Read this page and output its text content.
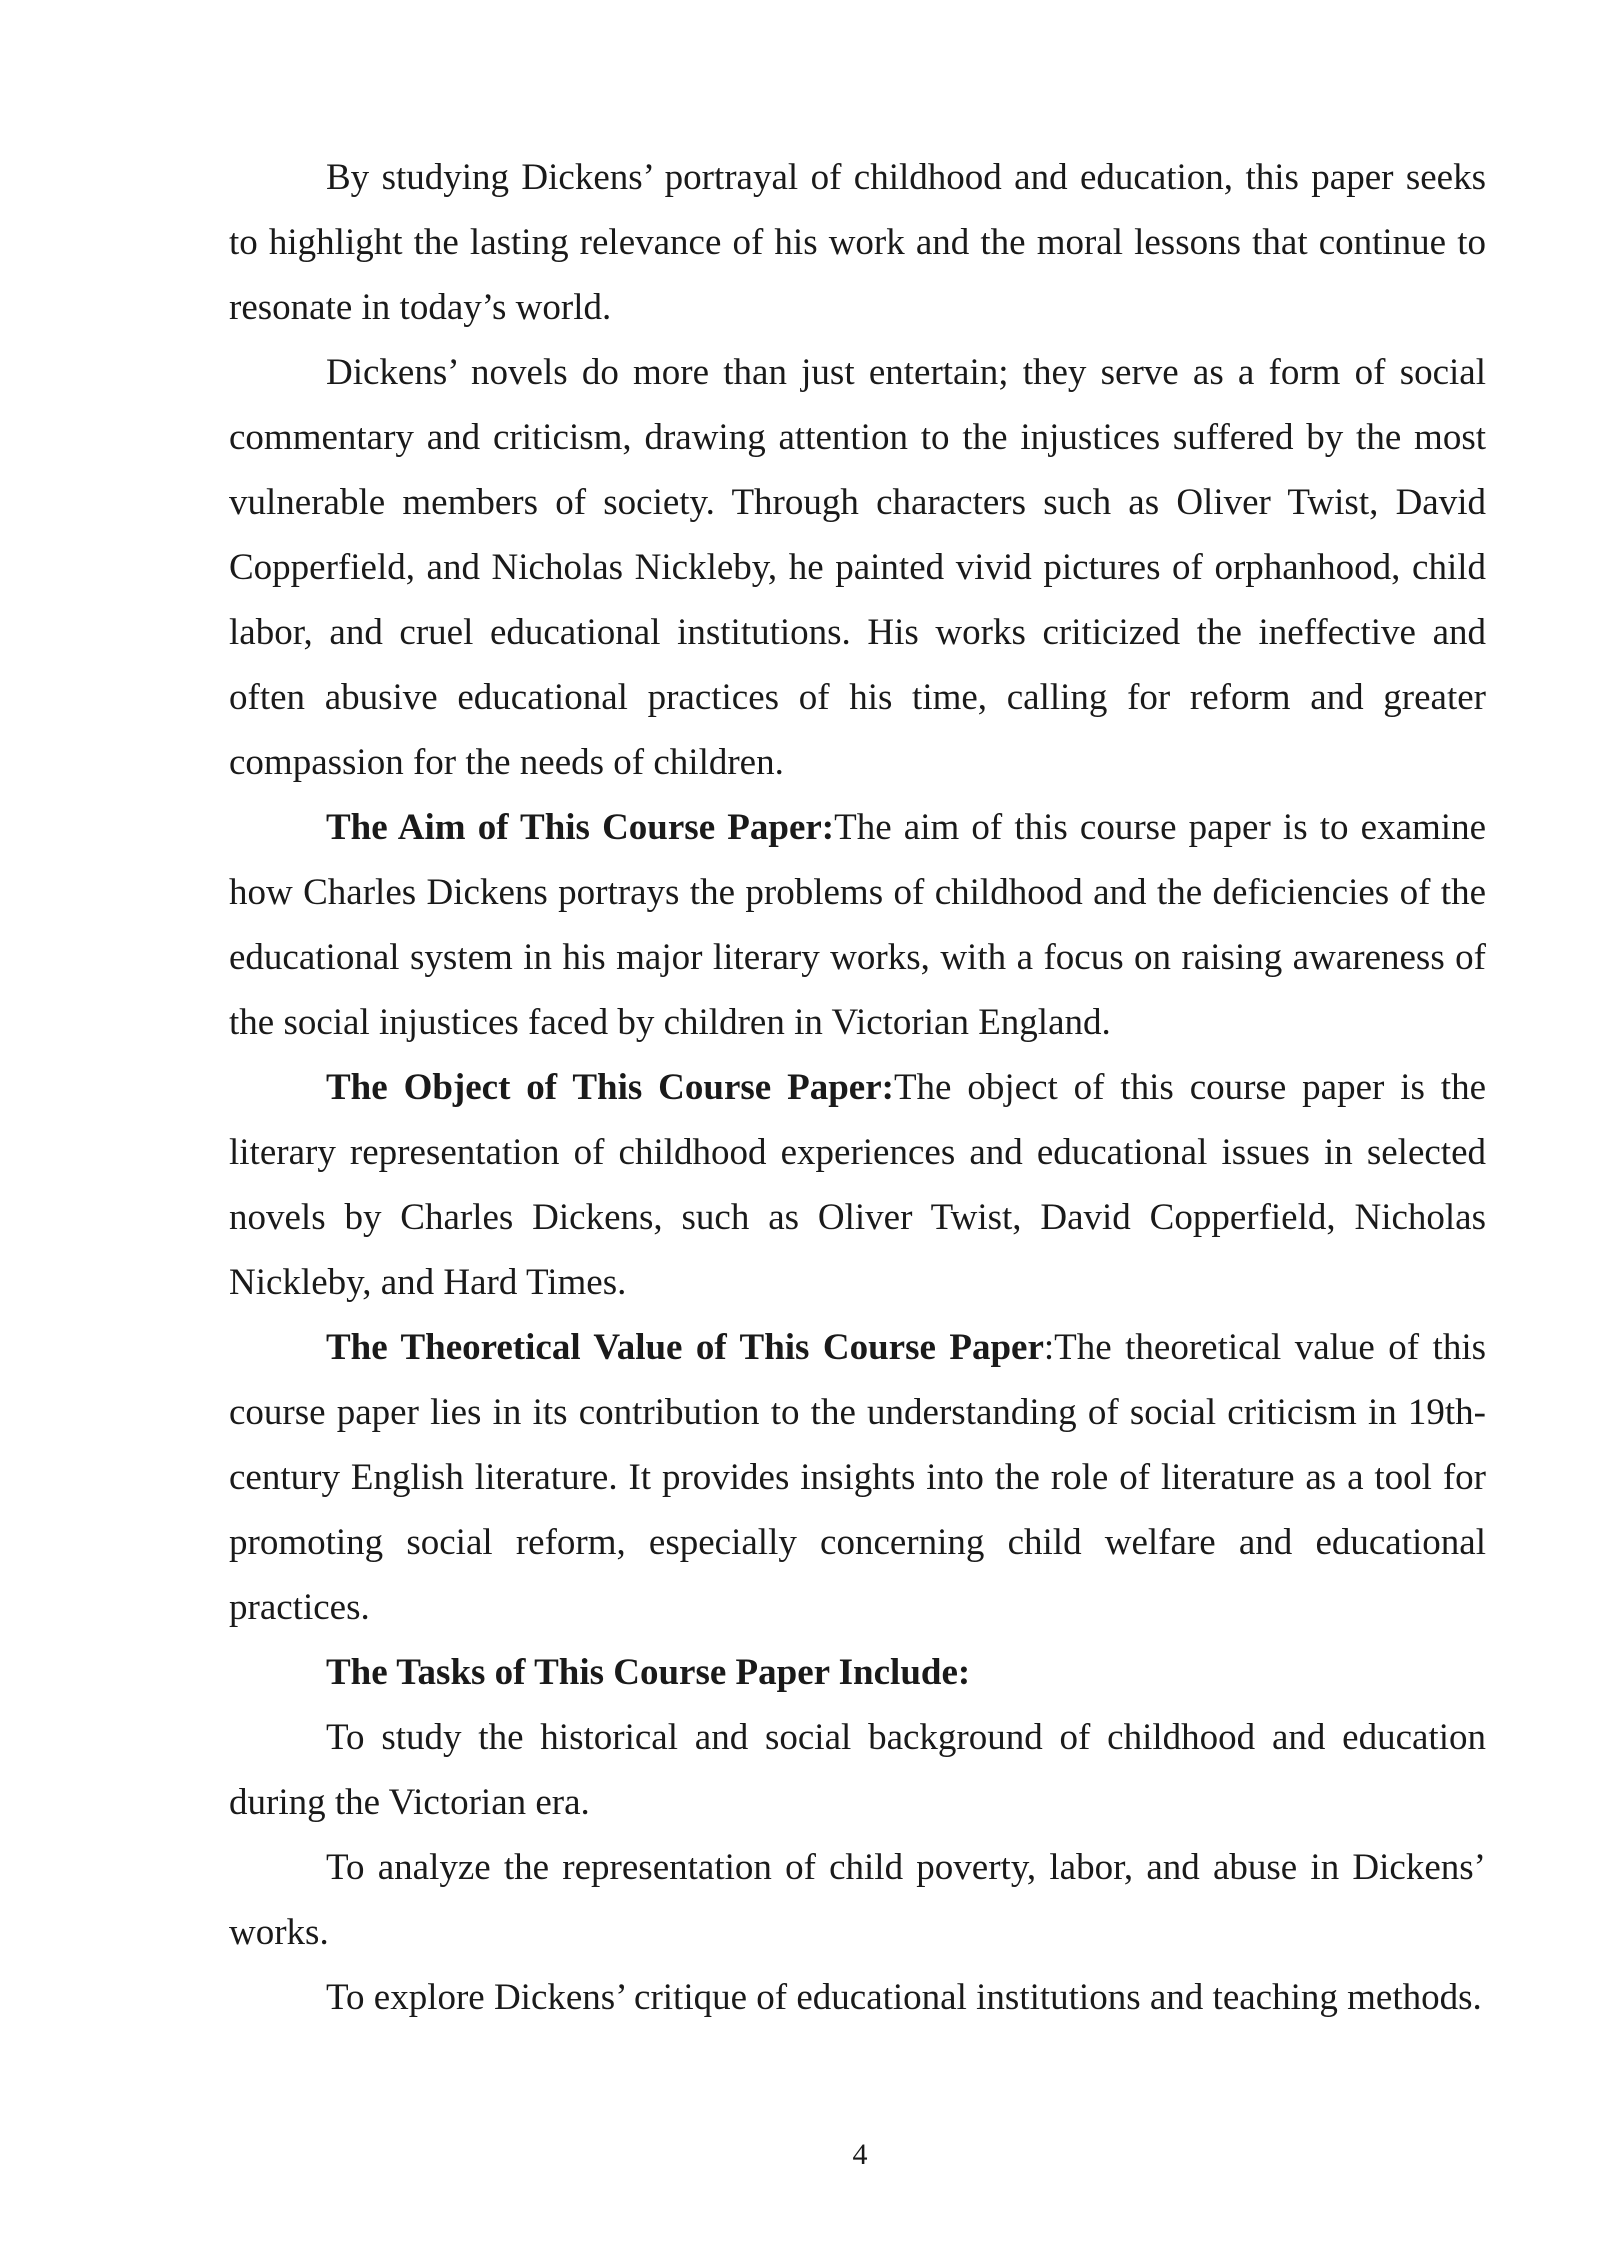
By studying Dickens’ portrayal of childhood and education, this paper seeks to highlight the lasting relevance of his work and the moral lessons that continue to resonate in today’s world.

Dickens’ novels do more than just entertain; they serve as a form of social commentary and criticism, drawing attention to the injustices suffered by the most vulnerable members of society. Through characters such as Oliver Twist, David Copperfield, and Nicholas Nickleby, he painted vivid pictures of orphanhood, child labor, and cruel educational institutions. His works criticized the ineffective and often abusive educational practices of his time, calling for reform and greater compassion for the needs of children.

The Aim of This Course Paper:The aim of this course paper is to examine how Charles Dickens portrays the problems of childhood and the deficiencies of the educational system in his major literary works, with a focus on raising awareness of the social injustices faced by children in Victorian England.

The Object of This Course Paper:The object of this course paper is the literary representation of childhood experiences and educational issues in selected novels by Charles Dickens, such as Oliver Twist, David Copperfield, Nicholas Nickleby, and Hard Times.

The Theoretical Value of This Course Paper:The theoretical value of this course paper lies in its contribution to the understanding of social criticism in 19th-century English literature. It provides insights into the role of literature as a tool for promoting social reform, especially concerning child welfare and educational practices.

The Tasks of This Course Paper Include:

To study the historical and social background of childhood and education during the Victorian era.

To analyze the representation of child poverty, labor, and abuse in Dickens’ works.

To explore Dickens’ critique of educational institutions and teaching methods.

4
